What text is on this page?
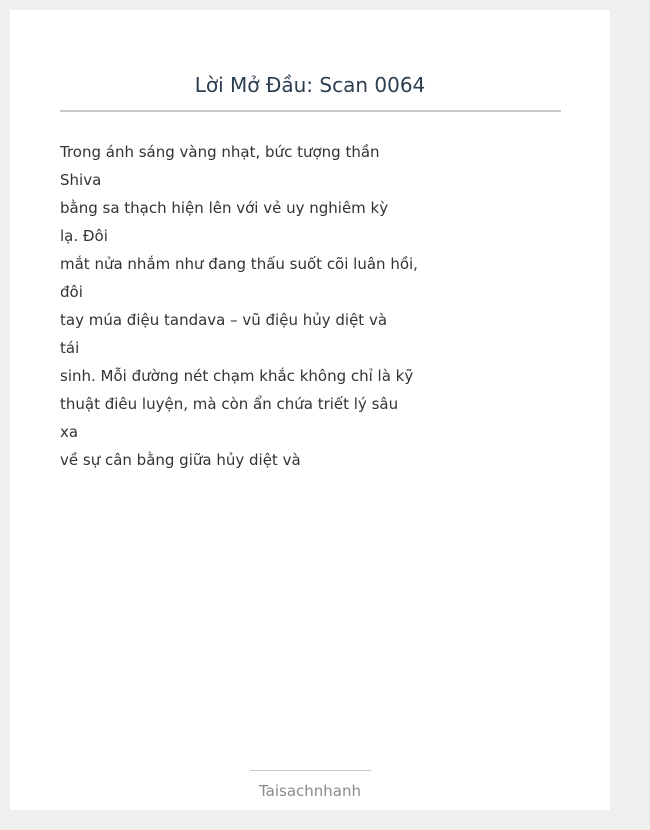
Lời Mở Đầu: Scan 0064
Trong ánh sáng vàng nhạt, bức tượng thần
Shiva
bằng sa thạch hiện lên với vẻ uy nghiêm kỳ
lạ. Đôi
mắt nửa nhắm như đang thấu suốt cõi luân hồi,
đôi
tay múa điệu tandava – vũ điệu hủy diệt và
tái
sinh. Mỗi đường nét chạm khắc không chỉ là kỹ
thuật điêu luyện, mà còn ẩn chứa triết lý sâu
xa
về sự cân bằng giữa hủy diệt và
Taisachnhanh
